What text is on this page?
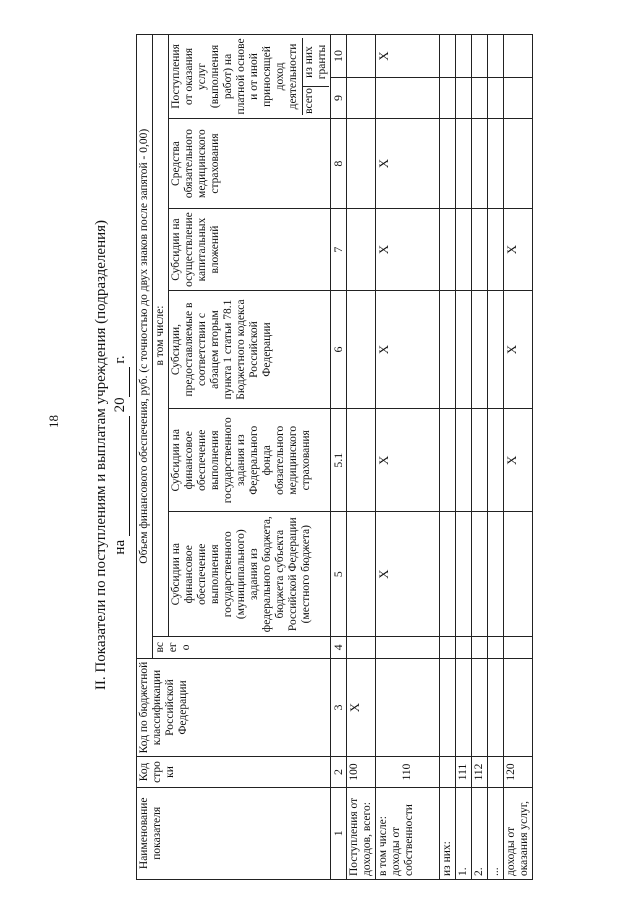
18 II. Показатели по поступлениям и выплатам учреждения (подразделения) на  20 г.
Наименование показателя	Код строки	Код по бюджетной классификации Российской Федерации	Объем финансового обеспечения, руб. (с точностью до двух знаков после запятой - 0,00)
всего	в том числе:
Субсидии на финансовое обеспечение выполнения государственного (муниципального) задания из федерального бюджета, бюджета субъекта Российской Федерации (местного бюджета)	Субсидии на финансовое обеспечение выполнения государственного задания из Федерального фонда обязательного медицинского страхования	Субсидии, предоставляемые в соответствии с абзацем вторым пункта 1 статьи 78.1 Бюджетного кодекса Российской Федерации	Субсидии на осуществление капитальных вложений	Средства обязательного медицинского страхования	
Поступления от оказания услуг (выполнения работ) на платной основе и от иной приносящей доход деятельности всего	из них гранты

1	2	3	4	5	5.1	6	7	8	9	10
Поступления от доходов, всего:	100	X								
в том числе: доходы от собственности	110			X	X	X	X	X		X
из них:										
1.	111									
2.	112									
...										
доходы от оказания услуг,	120				X	X	X			
